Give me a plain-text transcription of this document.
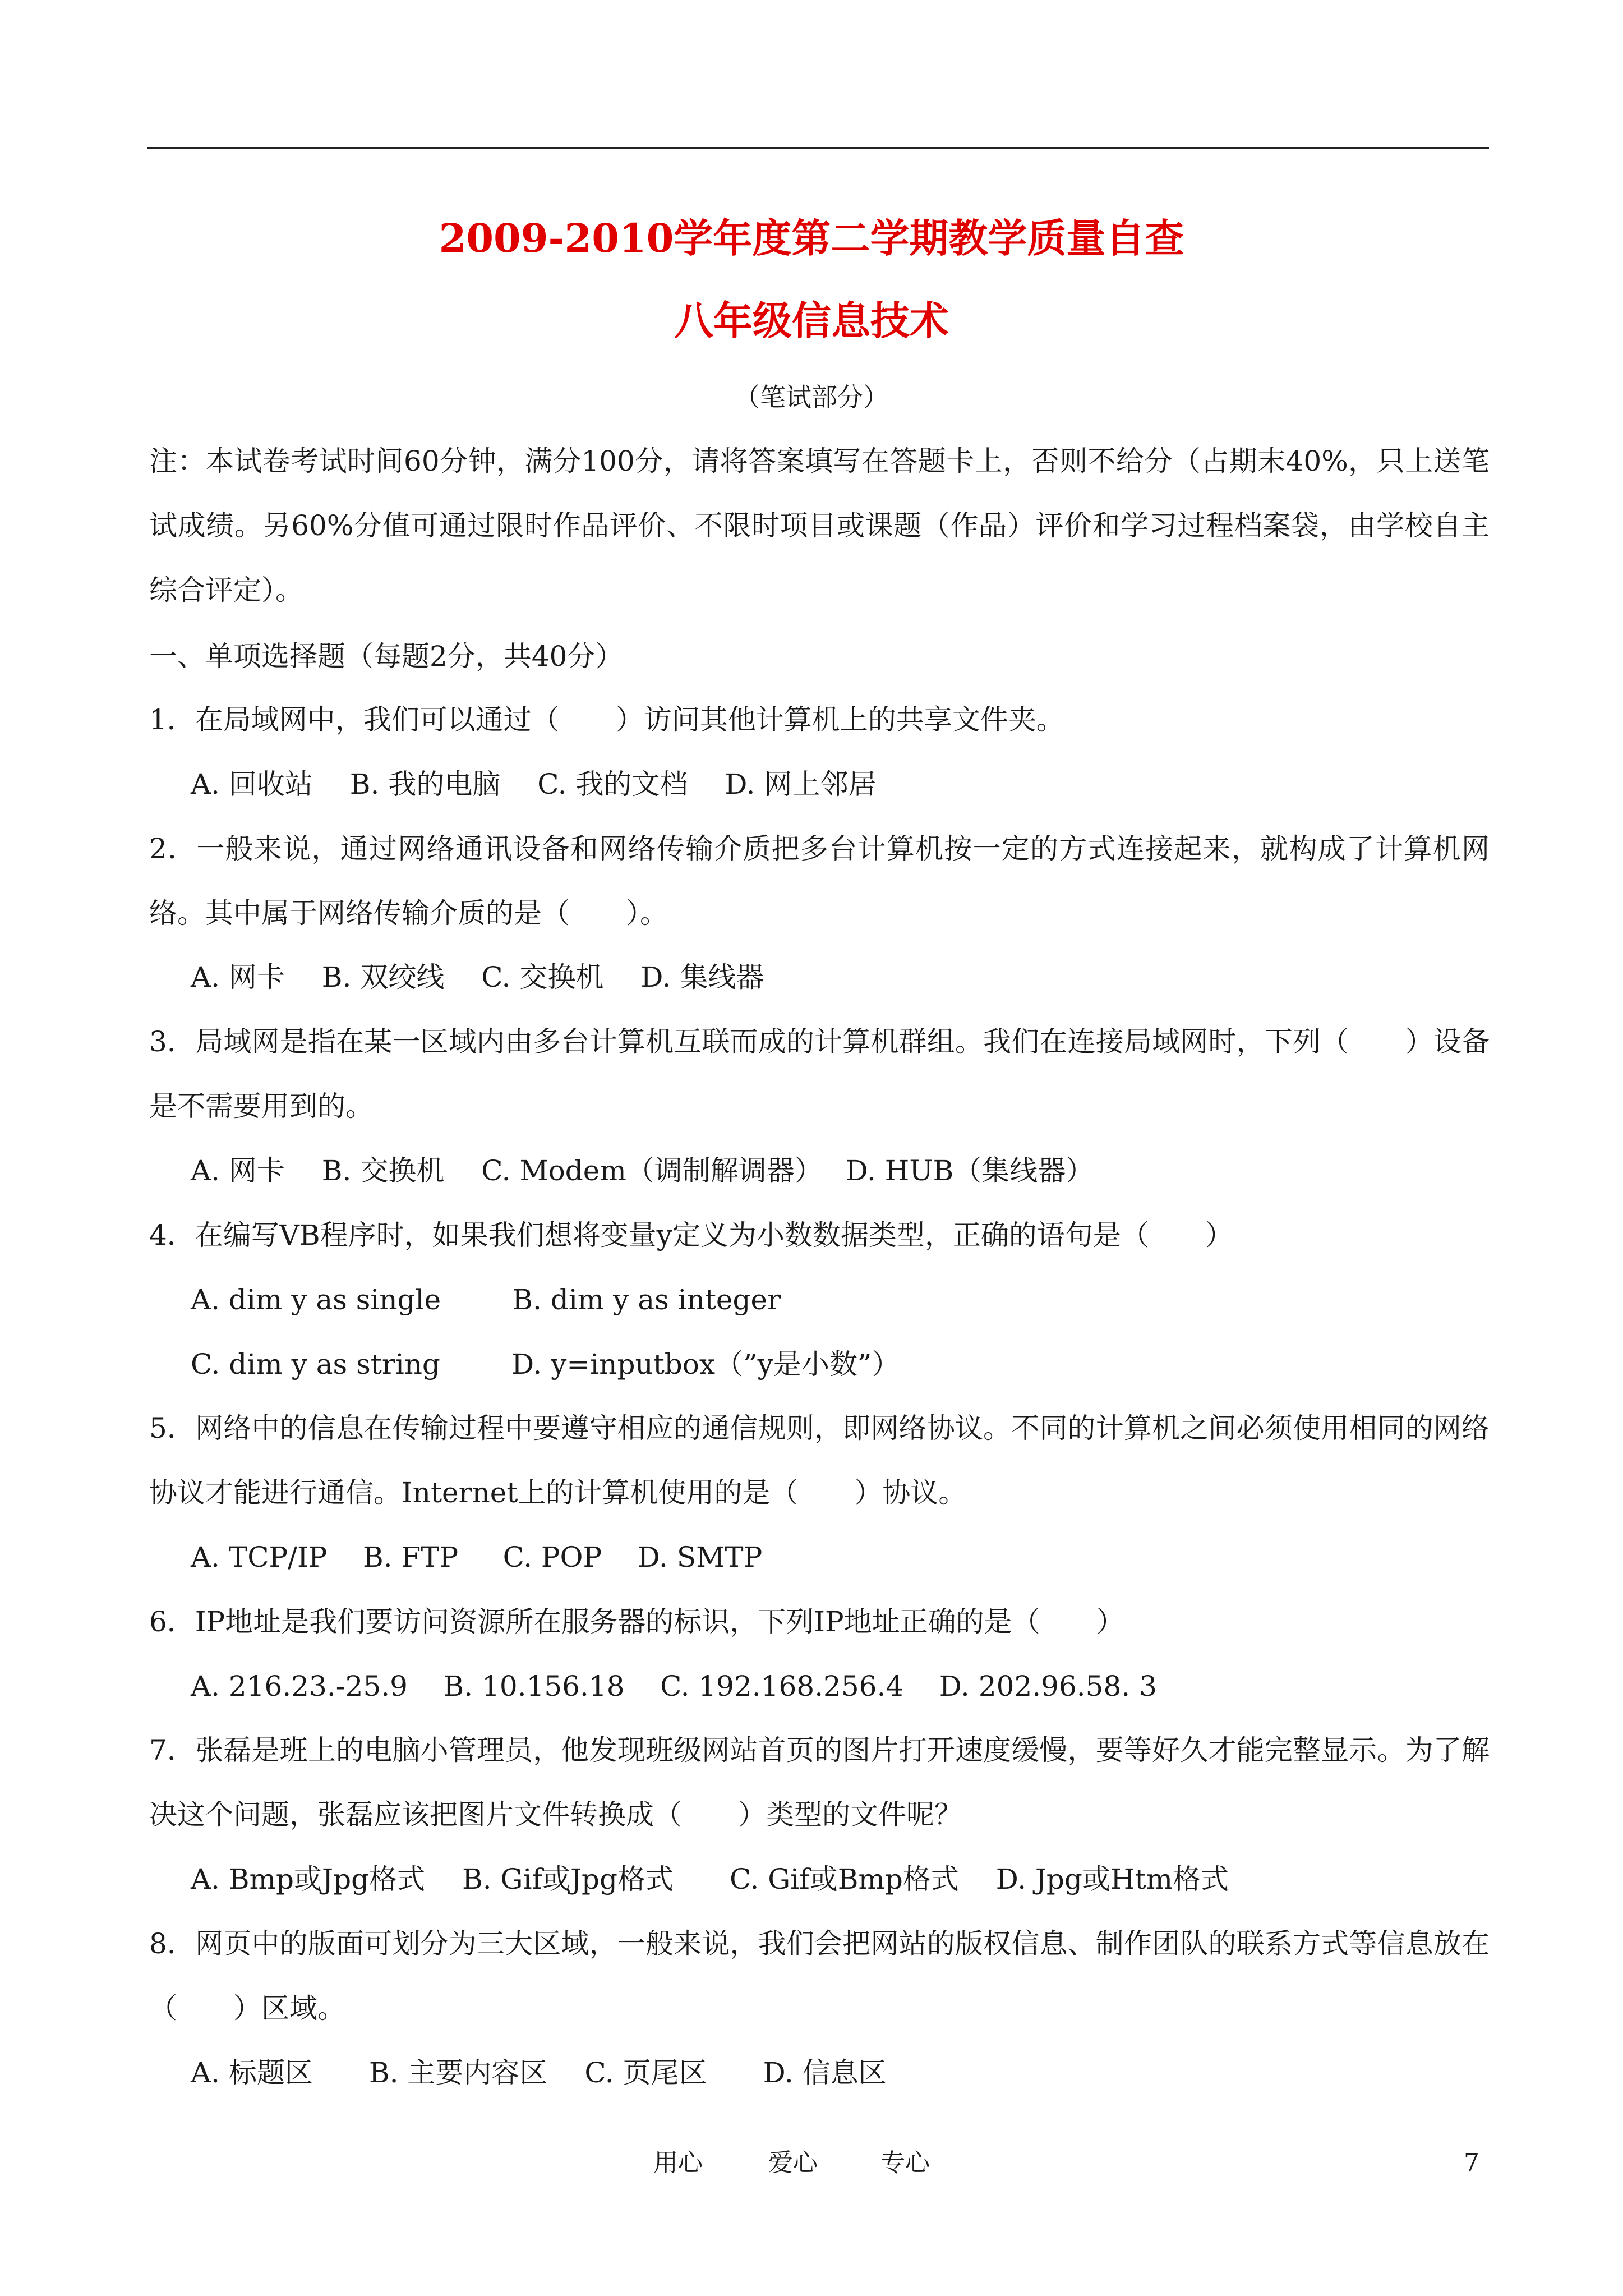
2009-2010学年度第二学期教学质量自查
八年级信息技术
（笔试部分）
注：本试卷考试时间60分钟，满分100分，请将答案填写在答题卡上，否则不给分（占期末40%，只上送笔试成绩。另60%分值可通过限时作品评价、不限时项目或课题（作品）评价和学习过程档案袋，由学校自主综合评定）。
一、单项选择题（每题2分，共40分）
1．在局域网中，我们可以通过（　　）访问其他计算机上的共享文件夹。
A. 回收站　 B. 我的电脑　 C. 我的文档　 D. 网上邻居
2．一般来说，通过网络通讯设备和网络传输介质把多台计算机按一定的方式连接起来，就构成了计算机网络。其中属于网络传输介质的是（　　）。
A. 网卡　 B. 双绞线　 C. 交换机　 D. 集线器
3．局域网是指在某一区域内由多台计算机互联而成的计算机群组。我们在连接局域网时，下列（　　）设备是不需要用到的。
A. 网卡　 B. 交换机　 C. Modem（调制解调器）　 D. HUB（集线器）
4．在编写VB程序时，如果我们想将变量y定义为小数数据类型，正确的语句是（　　）
A. dim y as single        B. dim y as integer
C. dim y as string        D. y=inputbox（”y是小数”）
5．网络中的信息在传输过程中要遵守相应的通信规则，即网络协议。不同的计算机之间必须使用相同的网络协议才能进行通信。Internet上的计算机使用的是（　　）协议。
A. TCP/IP    B. FTP     C. POP    D. SMTP
6．IP地址是我们要访问资源所在服务器的标识，下列IP地址正确的是（　　）
A. 216.23.-25.9    B. 10.156.18    C. 192.168.256.4    D. 202.96.58. 3
7．张磊是班上的电脑小管理员，他发现班级网站首页的图片打开速度缓慢，要等好久才能完整显示。为了解决这个问题，张磊应该把图片文件转换成（　　）类型的文件呢？
A. Bmp或Jpg格式　 B. Gif或Jpg格式　　C. Gif或Bmp格式　 D. Jpg或Htm格式
8．网页中的版面可划分为三大区域，一般来说，我们会把网站的版权信息、制作团队的联系方式等信息放在（　　）区域。
A. 标题区　　B. 主要内容区　 C. 页尾区　　D. 信息区
用心	爱心	专心	7
